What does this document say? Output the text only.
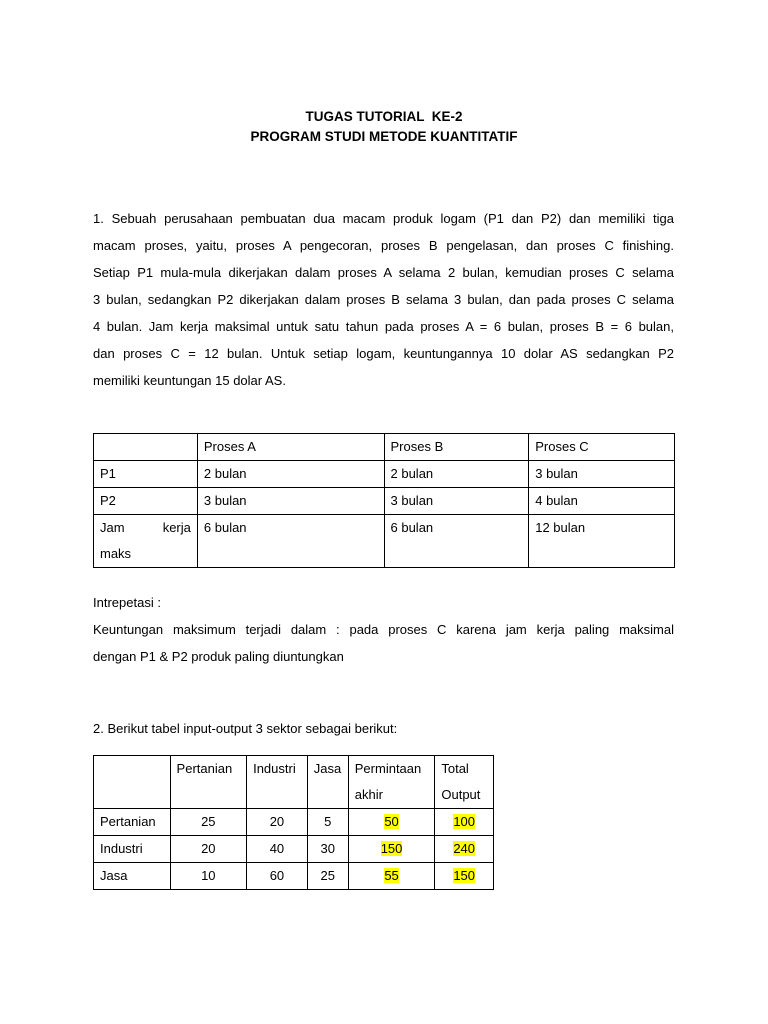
TUGAS TUTORIAL  KE-2
PROGRAM STUDI METODE KUANTITATIF
1. Sebuah perusahaan pembuatan dua macam produk logam (P1 dan P2) dan memiliki tiga
macam proses, yaitu, proses A pengecoran, proses B pengelasan, dan proses C finishing.
Setiap P1 mula-mula dikerjakan dalam proses A selama 2 bulan, kemudian proses C selama
3 bulan, sedangkan P2 dikerjakan dalam proses B selama 3 bulan, dan pada proses C selama
4 bulan. Jam kerja maksimal untuk satu tahun pada proses A = 6 bulan, proses B = 6 bulan,
dan proses C = 12 bulan. Untuk setiap logam, keuntungannya 10 dolar AS sedangkan P2
memiliki keuntungan 15 dolar AS.
	Proses A	Proses B	Proses C
P1	2 bulan	2 bulan	3 bulan
P2	3 bulan	3 bulan	4 bulan

Jam kerja
maks	6 bulan	6 bulan	12 bulan
Intrepetasi :
Keuntungan maksimum terjadi dalam : pada proses C karena jam kerja paling maksimal
dengan P1 & P2 produk paling diuntungkan
2. Berikut tabel input-output 3 sektor sebagai berikut:
	Pertanian	Industri	Jasa	Permintaan akhir	Total Output
Pertanian	25	20	5	50	100
Industri	20	40	30	150	240
Jasa	10	60	25	55	150
